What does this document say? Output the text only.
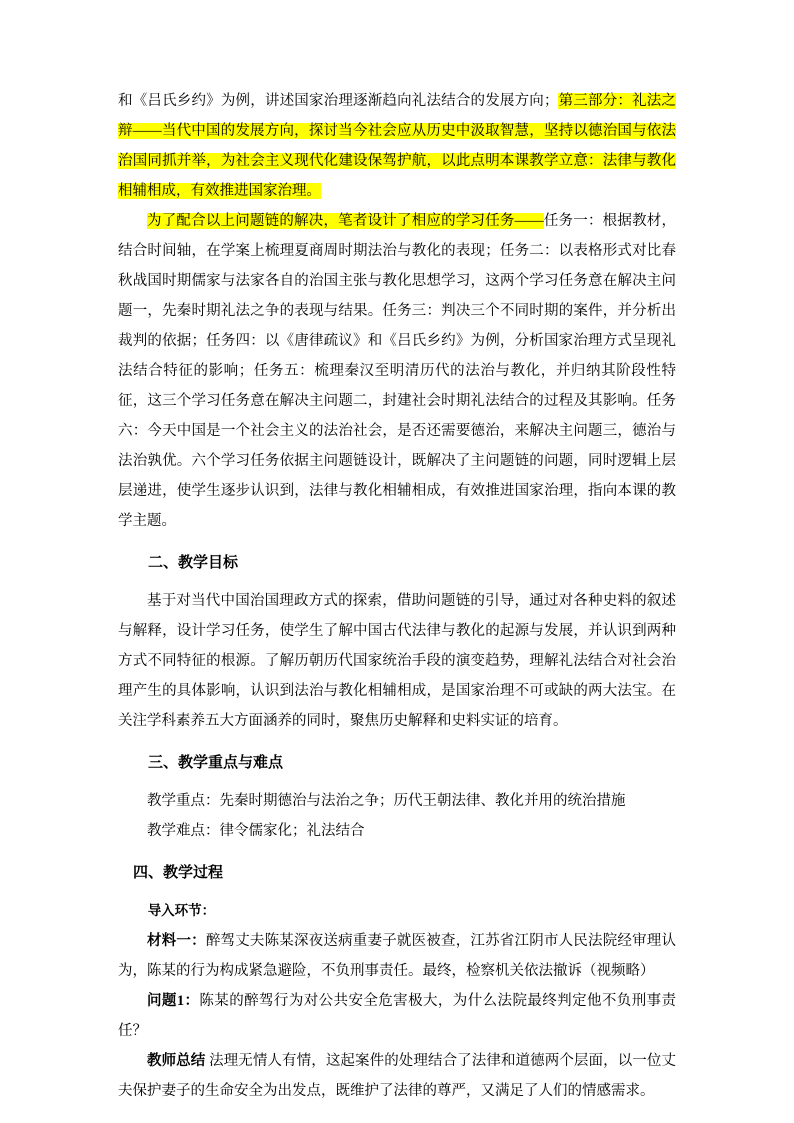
和《吕氏乡约》为例，讲述国家治理逐渐趋向礼法结合的发展方向；第三部分：礼法之辩——当代中国的发展方向，探讨当今社会应从历史中汲取智慧，坚持以德治国与依法治国同抓并举，为社会主义现代化建设保驾护航，以此点明本课教学立意：法律与教化相辅相成，有效推进国家治理。

为了配合以上问题链的解决，笔者设计了相应的学习任务——任务一：根据教材，结合时间轴，在学案上梳理夏商周时期法治与教化的表现；任务二：以表格形式对比春秋战国时期儒家与法家各自的治国主张与教化思想学习，这两个学习任务意在解决主问题一，先秦时期礼法之争的表现与结果。任务三：判决三个不同时期的案件，并分析出裁判的依据；任务四：以《唐律疏议》和《吕氏乡约》为例，分析国家治理方式呈现礼法结合特征的影响；任务五：梳理秦汉至明清历代的法治与教化，并归纳其阶段性特征，这三个学习任务意在解决主问题二，封建社会时期礼法结合的过程及其影响。任务六：今天中国是一个社会主义的法治社会，是否还需要德治，来解决主问题三，德治与法治孰优。六个学习任务依据主问题链设计，既解决了主问题链的问题，同时逻辑上层层递进，使学生逐步认识到，法律与教化相辅相成，有效推进国家治理，指向本课的教学主题。

二、教学目标

基于对当代中国治国理政方式的探索，借助问题链的引导，通过对各种史料的叙述与解释，设计学习任务，使学生了解中国古代法律与教化的起源与发展，并认识到两种方式不同特征的根源。了解历朝历代国家统治手段的演变趋势，理解礼法结合对社会治理产生的具体影响，认识到法治与教化相辅相成，是国家治理不可或缺的两大法宝。在关注学科素养五大方面涵养的同时，聚焦历史解释和史料实证的培育。

三、教学重点与难点

教学重点：先秦时期德治与法治之争；历代王朝法律、教化并用的统治措施

教学难点：律令儒家化；礼法结合

四、教学过程

导入环节：

材料一：醉驾丈夫陈某深夜送病重妻子就医被查，江苏省江阴市人民法院经审理认为，陈某的行为构成紧急避险，不负刑事责任。最终，检察机关依法撤诉（视频略）

问题1：陈某的醉驾行为对公共安全危害极大，为什么法院最终判定他不负刑事责任？

教师总结 法理无情人有情，这起案件的处理结合了法律和道德两个层面，以一位丈夫保护妻子的生命安全为出发点，既维护了法律的尊严，又满足了人们的情感需求。
